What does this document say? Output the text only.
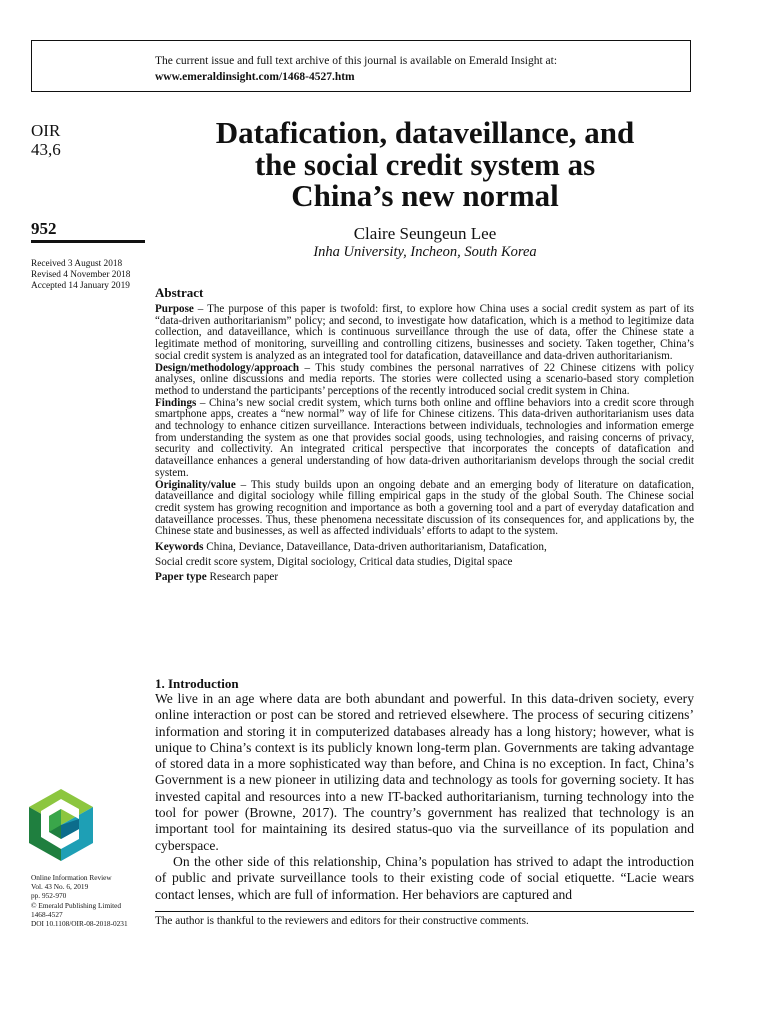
The current issue and full text archive of this journal is available on Emerald Insight at:
www.emeraldinsight.com/1468-4527.htm
OIR
43,6
952
Received 3 August 2018
Revised 4 November 2018
Accepted 14 January 2019
Datafication, dataveillance, and
the social credit system as
China’s new normal
Claire Seungeun Lee
Inha University, Incheon, South Korea
Abstract

Purpose – The purpose of this paper is twofold: first, to explore how China uses a social credit system as part of its “data-driven authoritarianism” policy; and second, to investigate how datafication, which is a method to legitimize data collection, and dataveillance, which is continuous surveillance through the use of data, offer the Chinese state a legitimate method of monitoring, surveilling and controlling citizens, businesses and society. Taken together, China’s social credit system is analyzed as an integrated tool for datafication, dataveillance and data-driven authoritarianism.

Design/methodology/approach – This study combines the personal narratives of 22 Chinese citizens with policy analyses, online discussions and media reports. The stories were collected using a scenario-based story completion method to understand the participants’ perceptions of the recently introduced social credit system in China.

Findings – China’s new social credit system, which turns both online and offline behaviors into a credit score through smartphone apps, creates a “new normal” way of life for Chinese citizens. This data-driven authoritarianism uses data and technology to enhance citizen surveillance. Interactions between individuals, technologies and information emerge from understanding the system as one that provides social goods, using technologies, and raising concerns of privacy, security and collectivity. An integrated critical perspective that incorporates the concepts of datafication and dataveillance enhances a general understanding of how data-driven authoritarianism develops through the social credit system.

Originality/value – This study builds upon an ongoing debate and an emerging body of literature on datafication, dataveillance and digital sociology while filling empirical gaps in the study of the global South. The Chinese social credit system has growing recognition and importance as both a governing tool and a part of everyday datafication and dataveillance processes. Thus, these phenomena necessitate discussion of its consequences for, and applications by, the Chinese state and businesses, as well as affected individuals’ efforts to adapt to the system.

Keywords China, Deviance, Dataveillance, Data-driven authoritarianism, Datafication,

Social credit score system, Digital sociology, Critical data studies, Digital space

Paper type Research paper

1. Introduction

We live in an age where data are both abundant and powerful. In this data-driven society, every online interaction or post can be stored and retrieved elsewhere. The process of securing citizens’ information and storing it in computerized databases already has a long history; however, what is unique to China’s context is its publicly known long-term plan. Governments are taking advantage of stored data in a more sophisticated way than before, and China is no exception. In fact, China’s Government is a new pioneer in utilizing data and technology as tools for governing society. It has invested capital and resources into a new IT-backed authoritarianism, turning technology into the tool for power (Browne, 2017). The country’s government has realized that technology is an important tool for maintaining its desired status-quo via the surveillance of its population and cyberspace.

On the other side of this relationship, China’s population has strived to adapt the introduction of public and private surveillance tools to their existing code of social etiquette. “Lacie wears contact lenses, which are full of information. Her behaviors are captured and

The author is thankful to the reviewers and editors for their constructive comments.
Online Information Review
Vol. 43 No. 6, 2019
pp. 952-970
© Emerald Publishing Limited
1468-4527
DOI 10.1108/OIR-08-2018-0231
